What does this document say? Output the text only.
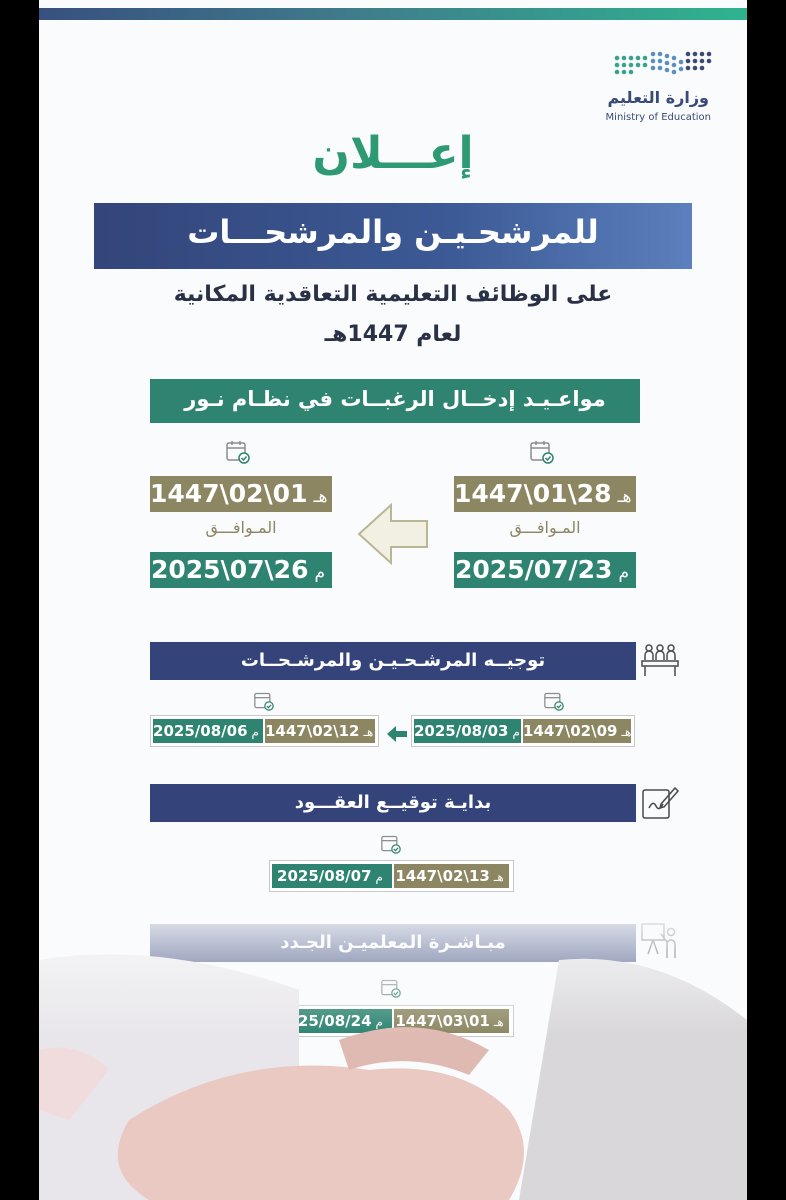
وزارة التعليم
Ministry of Education
إعـــلان
للمرشحـيـن والمرشحـــات
على الوظائف التعليمية التعاقدية المكانية
لعام 1447هـ
مواعـيـد إدخــال الرغبــات في نظـام نـور
هـ28\01\1447
المـوافـــق
م2025/07/23
هـ01\02\1447
المـوافـــق
م26\07\2025
توجيــه المرشـحـيـن والمرشـحــات
هـ09\02\1447
م2025/08/03
هـ12\02\1447
م2025/08/06
بدايـة توقيــع العقـــود
هـ13\02\1447
م2025/08/07
